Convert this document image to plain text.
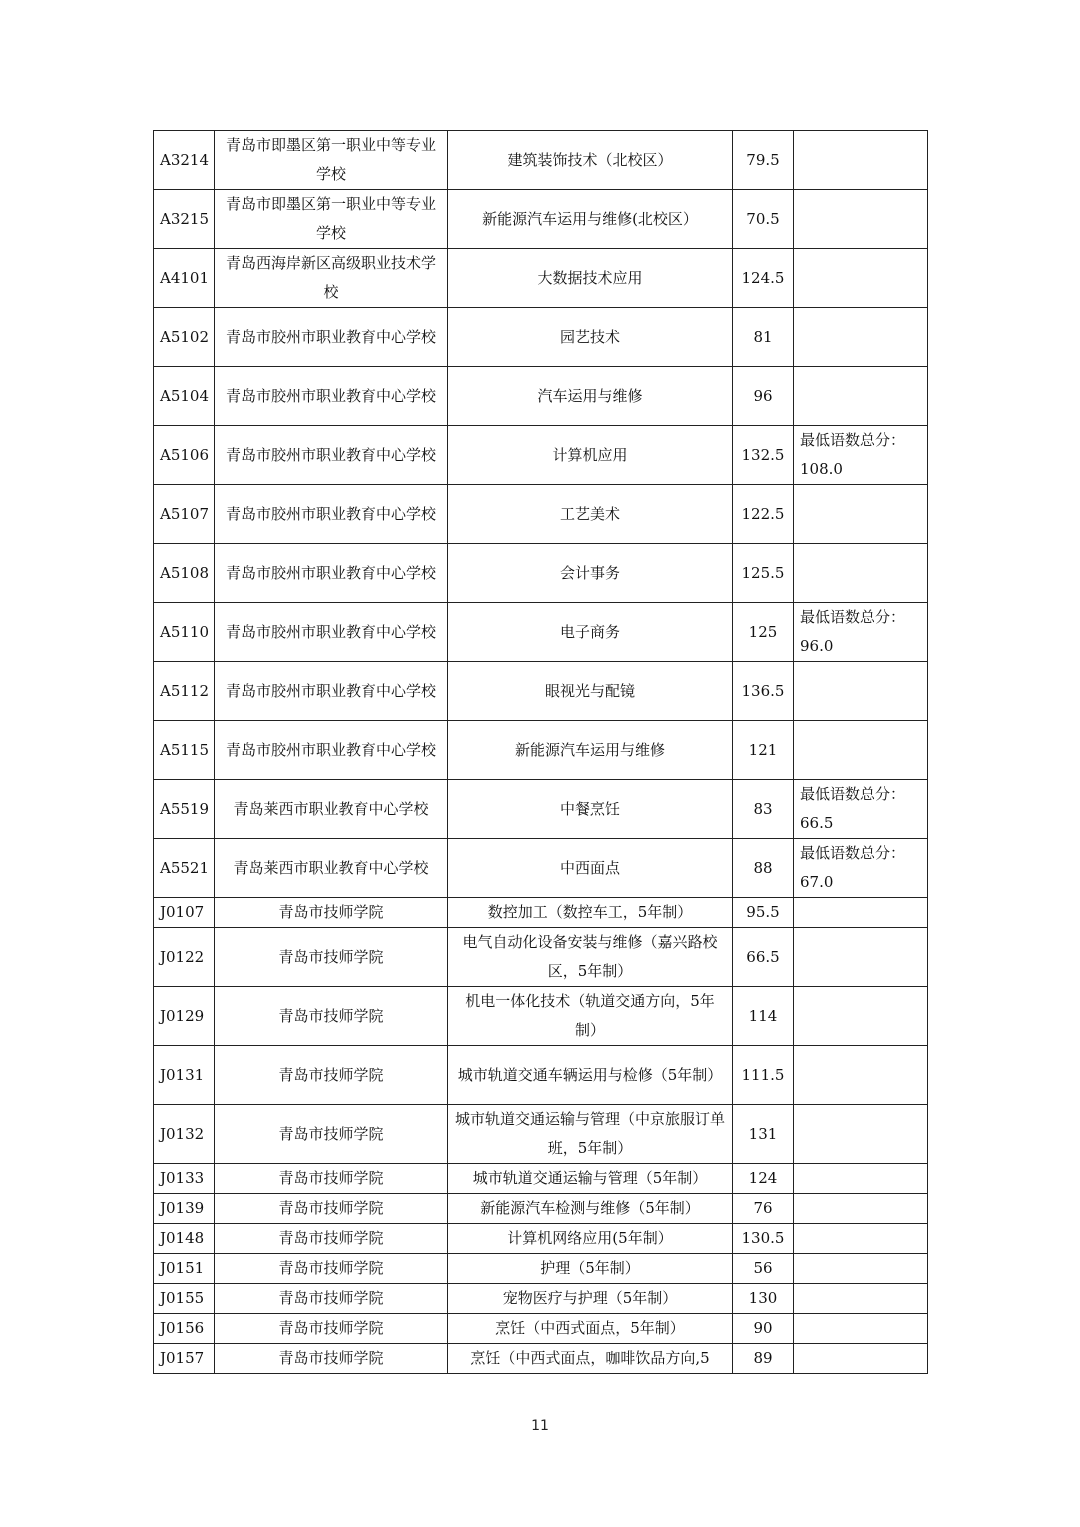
A3214	青岛市即墨区第一职业中等专业学校	建筑装饰技术（北校区）	79.5	
A3215	青岛市即墨区第一职业中等专业学校	新能源汽车运用与维修(北校区）	70.5	
A4101	青岛西海岸新区高级职业技术学校	大数据技术应用	124.5	
A5102	青岛市胶州市职业教育中心学校	园艺技术	81	
A5104	青岛市胶州市职业教育中心学校	汽车运用与维修	96	
A5106	青岛市胶州市职业教育中心学校	计算机应用	132.5	最低语数总分：108.0
A5107	青岛市胶州市职业教育中心学校	工艺美术	122.5	
A5108	青岛市胶州市职业教育中心学校	会计事务	125.5	
A5110	青岛市胶州市职业教育中心学校	电子商务	125	最低语数总分：96.0
A5112	青岛市胶州市职业教育中心学校	眼视光与配镜	136.5	
A5115	青岛市胶州市职业教育中心学校	新能源汽车运用与维修	121	
A5519	青岛莱西市职业教育中心学校	中餐烹饪	83	最低语数总分：66.5
A5521	青岛莱西市职业教育中心学校	中西面点	88	最低语数总分：67.0
J0107	青岛市技师学院	数控加工（数控车工，5年制）	95.5	
J0122	青岛市技师学院	电气自动化设备安装与维修（嘉兴路校区，5年制）	66.5	
J0129	青岛市技师学院	机电一体化技术（轨道交通方向，5年制）	114	
J0131	青岛市技师学院	城市轨道交通车辆运用与检修（5年制）	111.5	
J0132	青岛市技师学院	城市轨道交通运输与管理（中京旅服订单班，5年制）	131	
J0133	青岛市技师学院	城市轨道交通运输与管理（5年制）	124	
J0139	青岛市技师学院	新能源汽车检测与维修（5年制）	76	
J0148	青岛市技师学院	计算机网络应用(5年制）	130.5	
J0151	青岛市技师学院	护理（5年制）	56	
J0155	青岛市技师学院	宠物医疗与护理（5年制）	130	
J0156	青岛市技师学院	烹饪（中西式面点，5年制）	90	
J0157	青岛市技师学院	烹饪（中西式面点，咖啡饮品方向,5	89	
11
